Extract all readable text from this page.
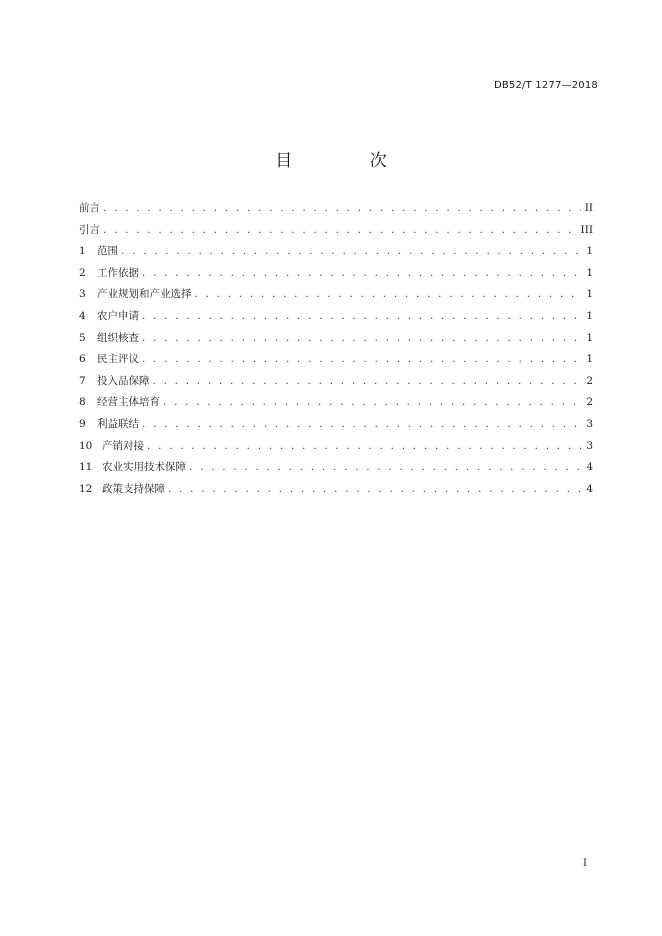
DB52/T 1277—2018
目 次
前言 . . .	II
引言 . . .	III
1	范围 . . .	1
2	工作依据 . . .	1
3	产业规划和产业选择 . . .	1
4	农户申请 . . .	1
5	组织核查 . . .	1
6	民主评议 . . .	1
7	投入品保障 . . .	2
8	经营主体培育 . . .	2
9	利益联结 . . .	3
10 产销对接 . . .	3
11 农业实用技术保障 . . .	4
12 政策支持保障 . . .	4
I
